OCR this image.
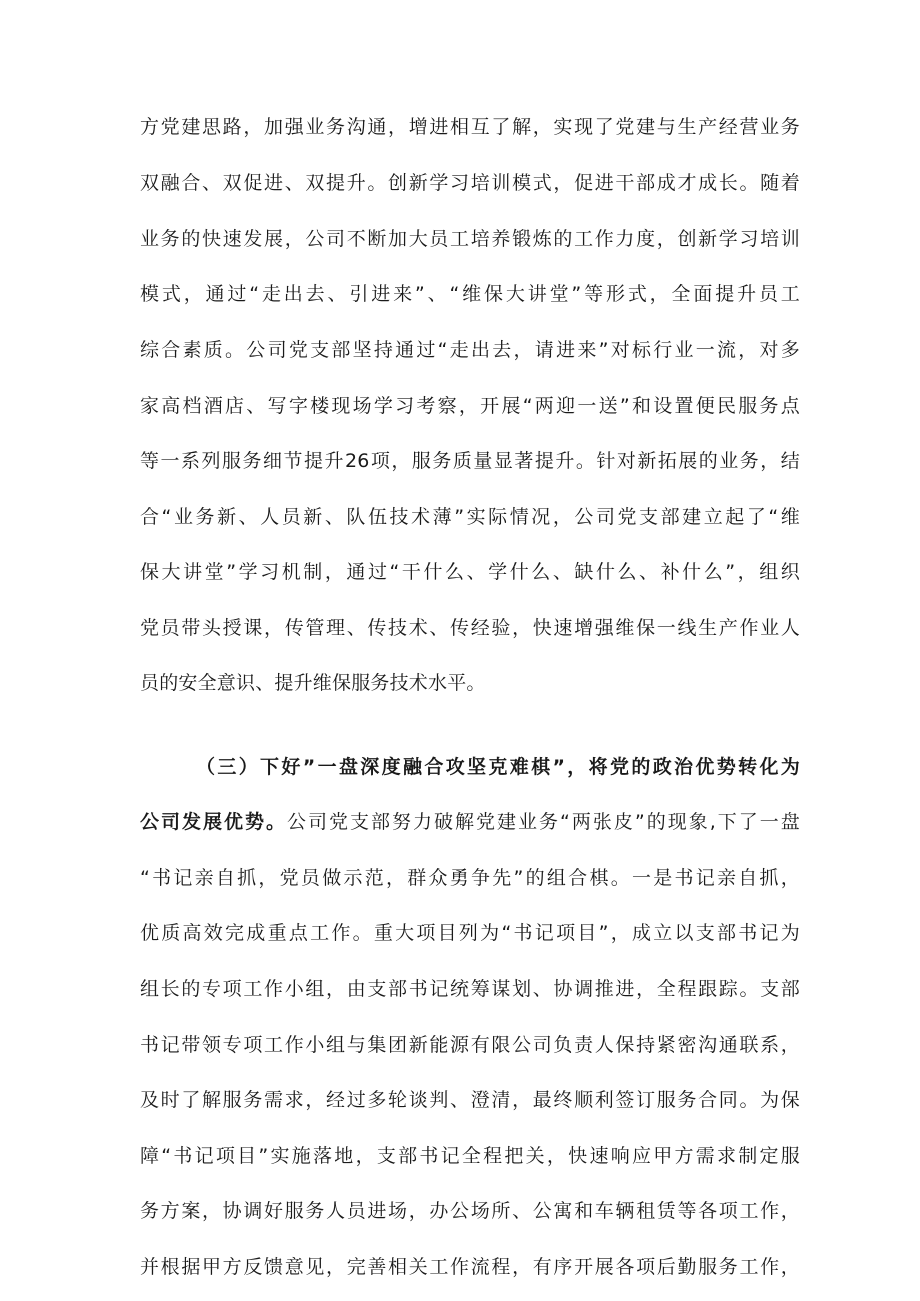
方党建思路，加强业务沟通，增进相互了解，实现了党建与生产经营业务
双融合、双促进、双提升。创新学习培训模式，促进干部成才成长。随着
业务的快速发展，公司不断加大员工培养锻炼的工作力度，创新学习培训
模式，通过“走出去、引进来”、“维保大讲堂”等形式，全面提升员工
综合素质。公司党支部坚持通过“走出去，请进来”对标行业一流，对多
家高档酒店、写字楼现场学习考察，开展“两迎一送”和设置便民服务点
等一系列服务细节提升26项，服务质量显著提升。针对新拓展的业务，结
合“业务新、人员新、队伍技术薄”实际情况，公司党支部建立起了“维
保大讲堂”学习机制，通过“干什么、学什么、缺什么、补什么”，组织
党员带头授课，传管理、传技术、传经验，快速增强维保一线生产作业人
员的安全意识、提升维保服务技术水平。
（三）下好”一盘深度融合攻坚克难棋”，将党的政治优势转化为
公司发展优势。公司党支部努力破解党建业务“两张皮”的现象,下了一盘
“书记亲自抓，党员做示范，群众勇争先”的组合棋。一是书记亲自抓，
优质高效完成重点工作。重大项目列为“书记项目”，成立以支部书记为
组长的专项工作小组，由支部书记统筹谋划、协调推进，全程跟踪。支部
书记带领专项工作小组与集团新能源有限公司负责人保持紧密沟通联系，
及时了解服务需求，经过多轮谈判、澄清，最终顺利签订服务合同。为保
障“书记项目”实施落地，支部书记全程把关，快速响应甲方需求制定服
务方案，协调好服务人员进场，办公场所、公寓和车辆租赁等各项工作，
并根据甲方反馈意见，完善相关工作流程，有序开展各项后勤服务工作，
